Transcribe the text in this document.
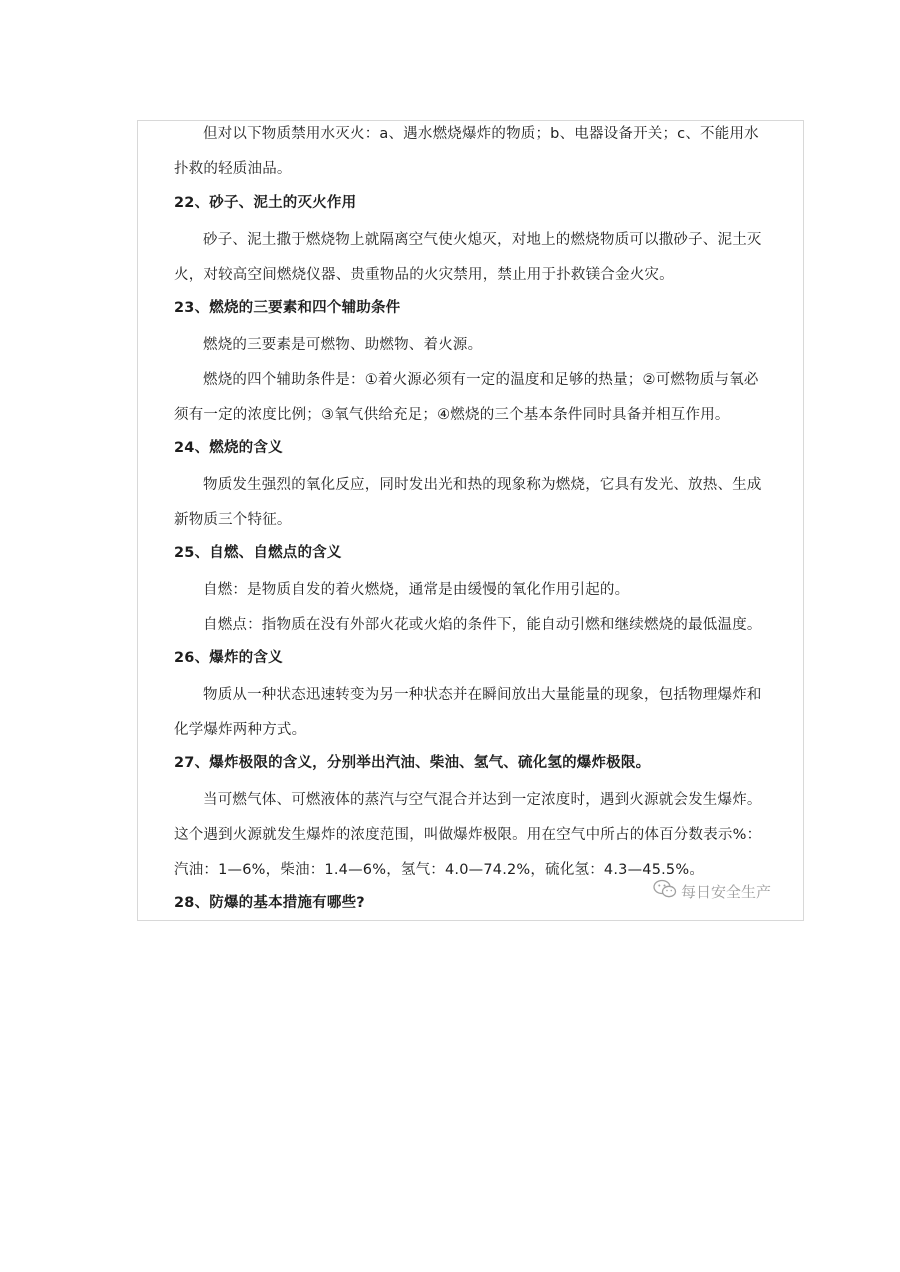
但对以下物质禁用水灭火：a、遇水燃烧爆炸的物质；b、电器设备开关；c、不能用水扑救的轻质油品。

22、砂子、泥土的灭火作用

砂子、泥土撒于燃烧物上就隔离空气使火熄灭，对地上的燃烧物质可以撒砂子、泥土灭火，对较高空间燃烧仪器、贵重物品的火灾禁用，禁止用于扑救镁合金火灾。

23、燃烧的三要素和四个辅助条件

燃烧的三要素是可燃物、助燃物、着火源。

燃烧的四个辅助条件是：①着火源必须有一定的温度和足够的热量；②可燃物质与氧必须有一定的浓度比例；③氧气供给充足；④燃烧的三个基本条件同时具备并相互作用。

24、燃烧的含义

物质发生强烈的氧化反应，同时发出光和热的现象称为燃烧，它具有发光、放热、生成新物质三个特征。

25、自燃、自燃点的含义

自燃：是物质自发的着火燃烧，通常是由缓慢的氧化作用引起的。

自燃点：指物质在没有外部火花或火焰的条件下，能自动引燃和继续燃烧的最低温度。

26、爆炸的含义

物质从一种状态迅速转变为另一种状态并在瞬间放出大量能量的现象，包括物理爆炸和化学爆炸两种方式。

27、爆炸极限的含义，分别举出汽油、柴油、氢气、硫化氢的爆炸极限。

当可燃气体、可燃液体的蒸汽与空气混合并达到一定浓度时，遇到火源就会发生爆炸。这个遇到火源就发生爆炸的浓度范围，叫做爆炸极限。用在空气中所占的体百分数表示%：汽油：1—6%，柴油：1.4—6%，氢气：4.0—74.2%，硫化氢：4.3—45.5%。

28、防爆的基本措施有哪些?

每日安全生产
